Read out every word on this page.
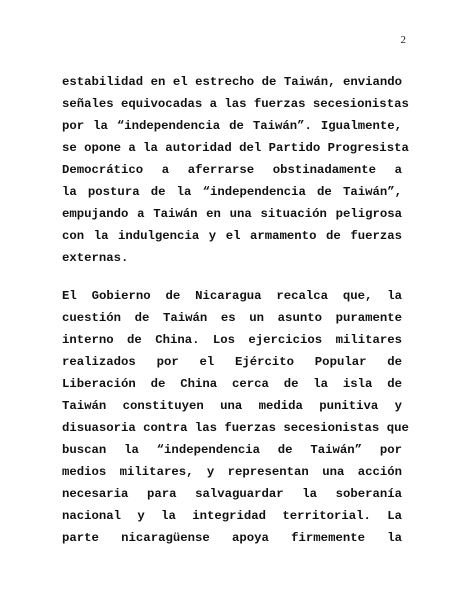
2
estabilidad en el estrecho de Taiwán, enviando
señales equivocadas a las fuerzas secesionistas
por la “independencia de Taiwán”. Igualmente,
se opone a la autoridad del Partido Progresista
Democrático a aferrarse obstinadamente a
la postura de la “independencia de Taiwán”,
empujando a Taiwán en una situación peligrosa
con la indulgencia y el armamento de fuerzas
externas.
El Gobierno de Nicaragua recalca que, la
cuestión de Taiwán es un asunto puramente
interno de China. Los ejercicios militares
realizados por el Ejército Popular de
Liberación de China cerca de la isla de
Taiwán constituyen una medida punitiva y
disuasoria contra las fuerzas secesionistas que
buscan la “independencia de Taiwán” por
medios militares, y representan una acción
necesaria para salvaguardar la soberanía
nacional y la integridad territorial. La
parte nicaragüense apoya firmemente la
